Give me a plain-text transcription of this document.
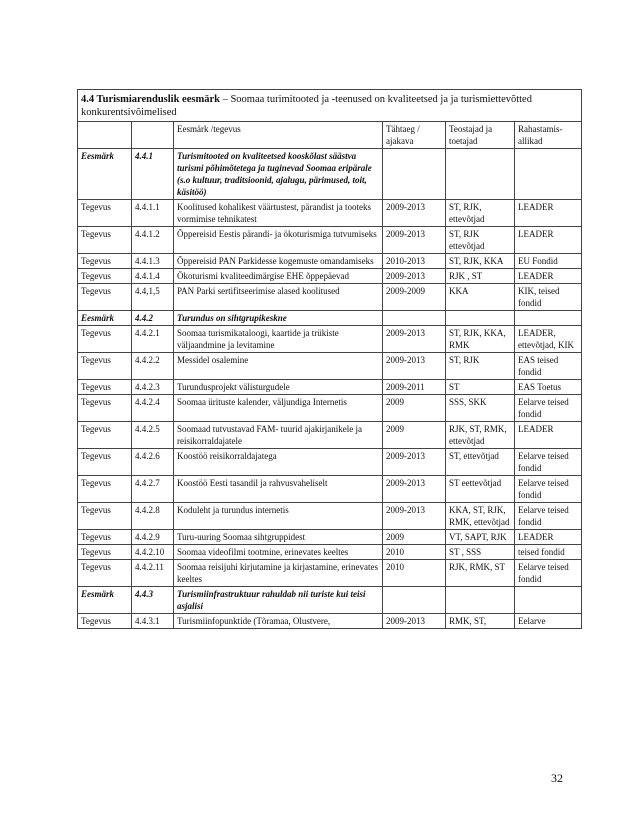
4.4 Turismiarenduslik eesmärk – Soomaa turimitooted ja -teenused on kvaliteetsed ja ja turismiettevõtted konkurentsivõimelised					
		Eesmärk /tegevus	Tähtaeg / ajakava	Teostajad ja toetajad	Rahastamis-allikad
Eesmärk	4.4.1	Turismitooted on kvaliteetsed kooskõlast säästva turismi põhimõtetega ja tuginevad Soomaa eripärale (s.o kultuur, traditsioonid, ajalugu, pärimused, toit, käsitöö)			
Tegevus	4.4.1.1	Koolitused kohalikest väärtustest, pärandist ja tooteks vormimise tehnikatest	2009-2013	ST, RJK, ettevõtjad	LEADER
Tegevus	4.4.1.2	Õppereisid Eestis pärandi- ja ökoturismiga tutvumiseks	2009-2013	ST, RJK ettevõtjad	LEADER
Tegevus	4.4.1.3	Õppereisid PAN Parkidesse kogemuste omandamiseks	2010-2013	ST, RJK, KKA	EU Fondid
Tegevus	4.4.1.4	Ökoturismi kvaliteedimärgise EHE õppepäevad	2009-2013	RJK , ST	LEADER
Tegevus	4.4,1,5	PAN Parki sertifitseerimise alased koolitused	2009-2009	KKA	KIK, teised fondid
Eesmärk	4.4.2	Turundus on sihtgrupikeskne			
Tegevus	4.4.2.1	Soomaa turismikataloogi, kaartide ja trükiste väljaandmine ja levitamine	2009-2013	ST, RJK, KKA, RMK	LEADER, ettevõtjad, KIK
Tegevus	4.4.2.2	Messidel osalemine	2009-2013	ST, RJK	EAS teised fondid
Tegevus	4.4.2.3	Turundusprojekt välisturgudele	2009-2011	ST	EAS Toetus
Tegevus	4.4.2.4	Soomaa ürituste kalender, väljundiga Internetis	2009	SSS, SKK	Eelarve teised fondid
Tegevus	4.4.2.5	Soomaad tutvustavad FAM- tuurid ajakirjanikele ja reisikorraldajatele	2009	RJK, ST, RMK, ettevõtjad	LEADER
Tegevus	4.4.2.6	Koostöö reisikorraldajatega	2009-2013	ST, ettevõtjad	Eelarve teised fondid
Tegevus	4.4.2.7	Koostöö Eesti tasandil ja rahvusvaheliselt	2009-2013	ST eettevõtjad	Eelarve teised fondid
Tegevus	4.4.2.8	Koduleht ja turundus internetis	2009-2013	KKA, ST, RJK, RMK, ettevõtjad	Eelarve teised fondid
Tegevus	4.4.2.9	Turu-uuring Soomaa sihtgruppidest	2009	VT, SAPT, RJK	LEADER
Tegevus	4.4.2.10	Soomaa videofilmi tootmine, erinevates keeltes	2010	ST , SSS	teised fondid
Tegevus	4.4.2.11	Soomaa reisijuhi kirjutamine ja kirjastamine, erinevates keeltes	2010	RJK, RMK, ST	Eelarve teised fondid
Eesmärk	4.4.3	Turismiinfrastruktuur rahuldab nii turiste kui teisi asjalisi			
Tegevus	4.4.3.1	Turismiinfopunktide (Tõramaa, Olustvere,	2009-2013	RMK, ST,	Eelarve
32
